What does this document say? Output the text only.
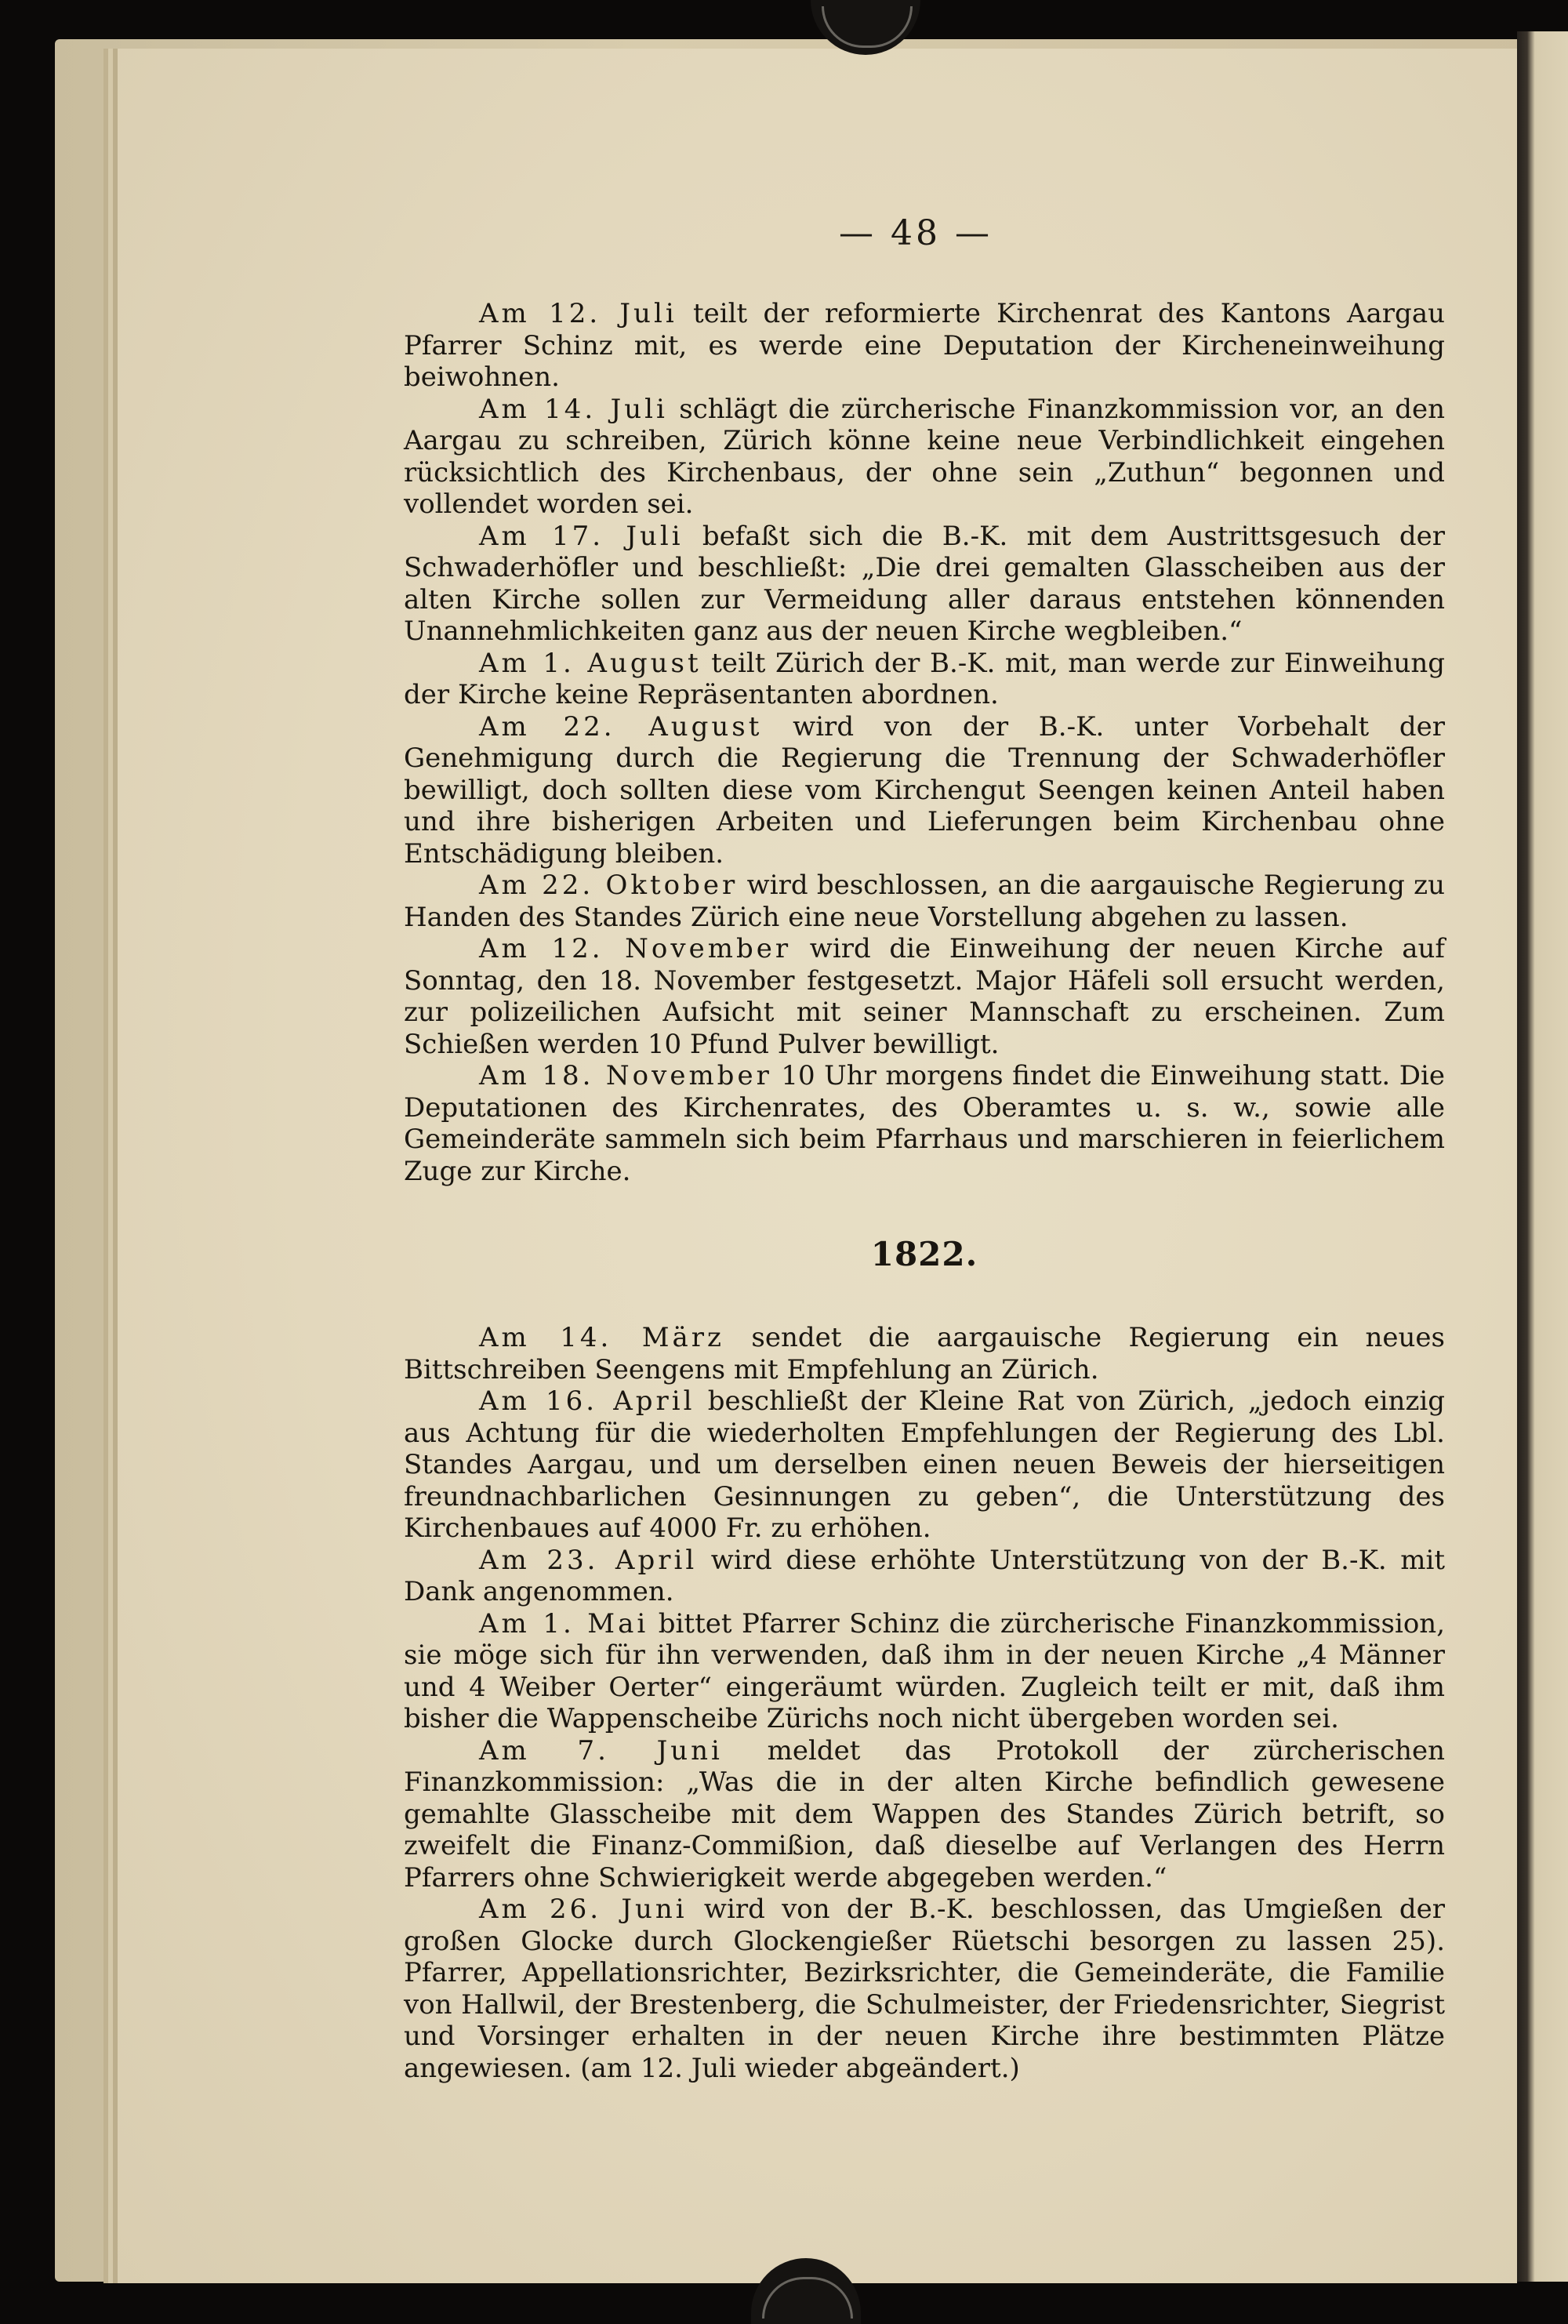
— 48 —

Am 12. Juli teilt der reformierte Kirchenrat des Kantons Aargau Pfarrer Schinz mit, es werde eine Deputation der Kircheneinweihung beiwohnen.

Am 14. Juli schlägt die zürcherische Finanzkommission vor, an den Aargau zu schreiben, Zürich könne keine neue Verbindlichkeit eingehen rücksichtlich des Kirchenbaus, der ohne sein „Zuthun“ begonnen und vollendet worden sei.

Am 17. Juli befaßt sich die B.-K. mit dem Austrittsgesuch der Schwaderhöfler und beschließt: „Die drei gemalten Glasscheiben aus der alten Kirche sollen zur Vermeidung aller daraus entstehen könnenden Unannehmlichkeiten ganz aus der neuen Kirche wegbleiben.“

Am 1. August teilt Zürich der B.-K. mit, man werde zur Einweihung der Kirche keine Repräsentanten abordnen.

Am 22. August wird von der B.-K. unter Vorbehalt der Genehmigung durch die Regierung die Trennung der Schwaderhöfler bewilligt, doch sollten diese vom Kirchengut Seengen keinen Anteil haben und ihre bisherigen Arbeiten und Lieferungen beim Kirchenbau ohne Entschädigung bleiben.

Am 22. Oktober wird beschlossen, an die aargauische Regierung zu Handen des Standes Zürich eine neue Vorstellung abgehen zu lassen.

Am 12. November wird die Einweihung der neuen Kirche auf Sonntag, den 18. November festgesetzt. Major Häfeli soll ersucht werden, zur polizeilichen Aufsicht mit seiner Mannschaft zu erscheinen. Zum Schießen werden 10 Pfund Pulver bewilligt.

Am 18. November 10 Uhr morgens findet die Einweihung statt. Die Deputationen des Kirchenrates, des Oberamtes u. s. w., sowie alle Gemeinderäte sammeln sich beim Pfarrhaus und marschieren in feierlichem Zuge zur Kirche.

1822.

Am 14. März sendet die aargauische Regierung ein neues Bittschreiben Seengens mit Empfehlung an Zürich.

Am 16. April beschließt der Kleine Rat von Zürich, „jedoch einzig aus Achtung für die wiederholten Empfehlungen der Regierung des Lbl. Standes Aargau, und um derselben einen neuen Beweis der hierseitigen freundnachbarlichen Gesinnungen zu geben“, die Unterstützung des Kirchenbaues auf 4000 Fr. zu erhöhen.

Am 23. April wird diese erhöhte Unterstützung von der B.-K. mit Dank angenommen.

Am 1. Mai bittet Pfarrer Schinz die zürcherische Finanzkommission, sie möge sich für ihn verwenden, daß ihm in der neuen Kirche „4 Männer und 4 Weiber Oerter“ eingeräumt würden. Zugleich teilt er mit, daß ihm bisher die Wappenscheibe Zürichs noch nicht übergeben worden sei.

Am 7. Juni meldet das Protokoll der zürcherischen Finanzkommission: „Was die in der alten Kirche befindlich gewesene gemahlte Glasscheibe mit dem Wappen des Standes Zürich betrift, so zweifelt die Finanz-Commißion, daß dieselbe auf Verlangen des Herrn Pfarrers ohne Schwierigkeit werde abgegeben werden.“

Am 26. Juni wird von der B.-K. beschlossen, das Umgießen der großen Glocke durch Glockengießer Rüetschi besorgen zu lassen 25). Pfarrer, Appellationsrichter, Bezirksrichter, die Gemeinderäte, die Familie von Hallwil, der Brestenberg, die Schulmeister, der Friedensrichter, Siegrist und Vorsinger erhalten in der neuen Kirche ihre bestimmten Plätze angewiesen. (am 12. Juli wieder abgeändert.)
